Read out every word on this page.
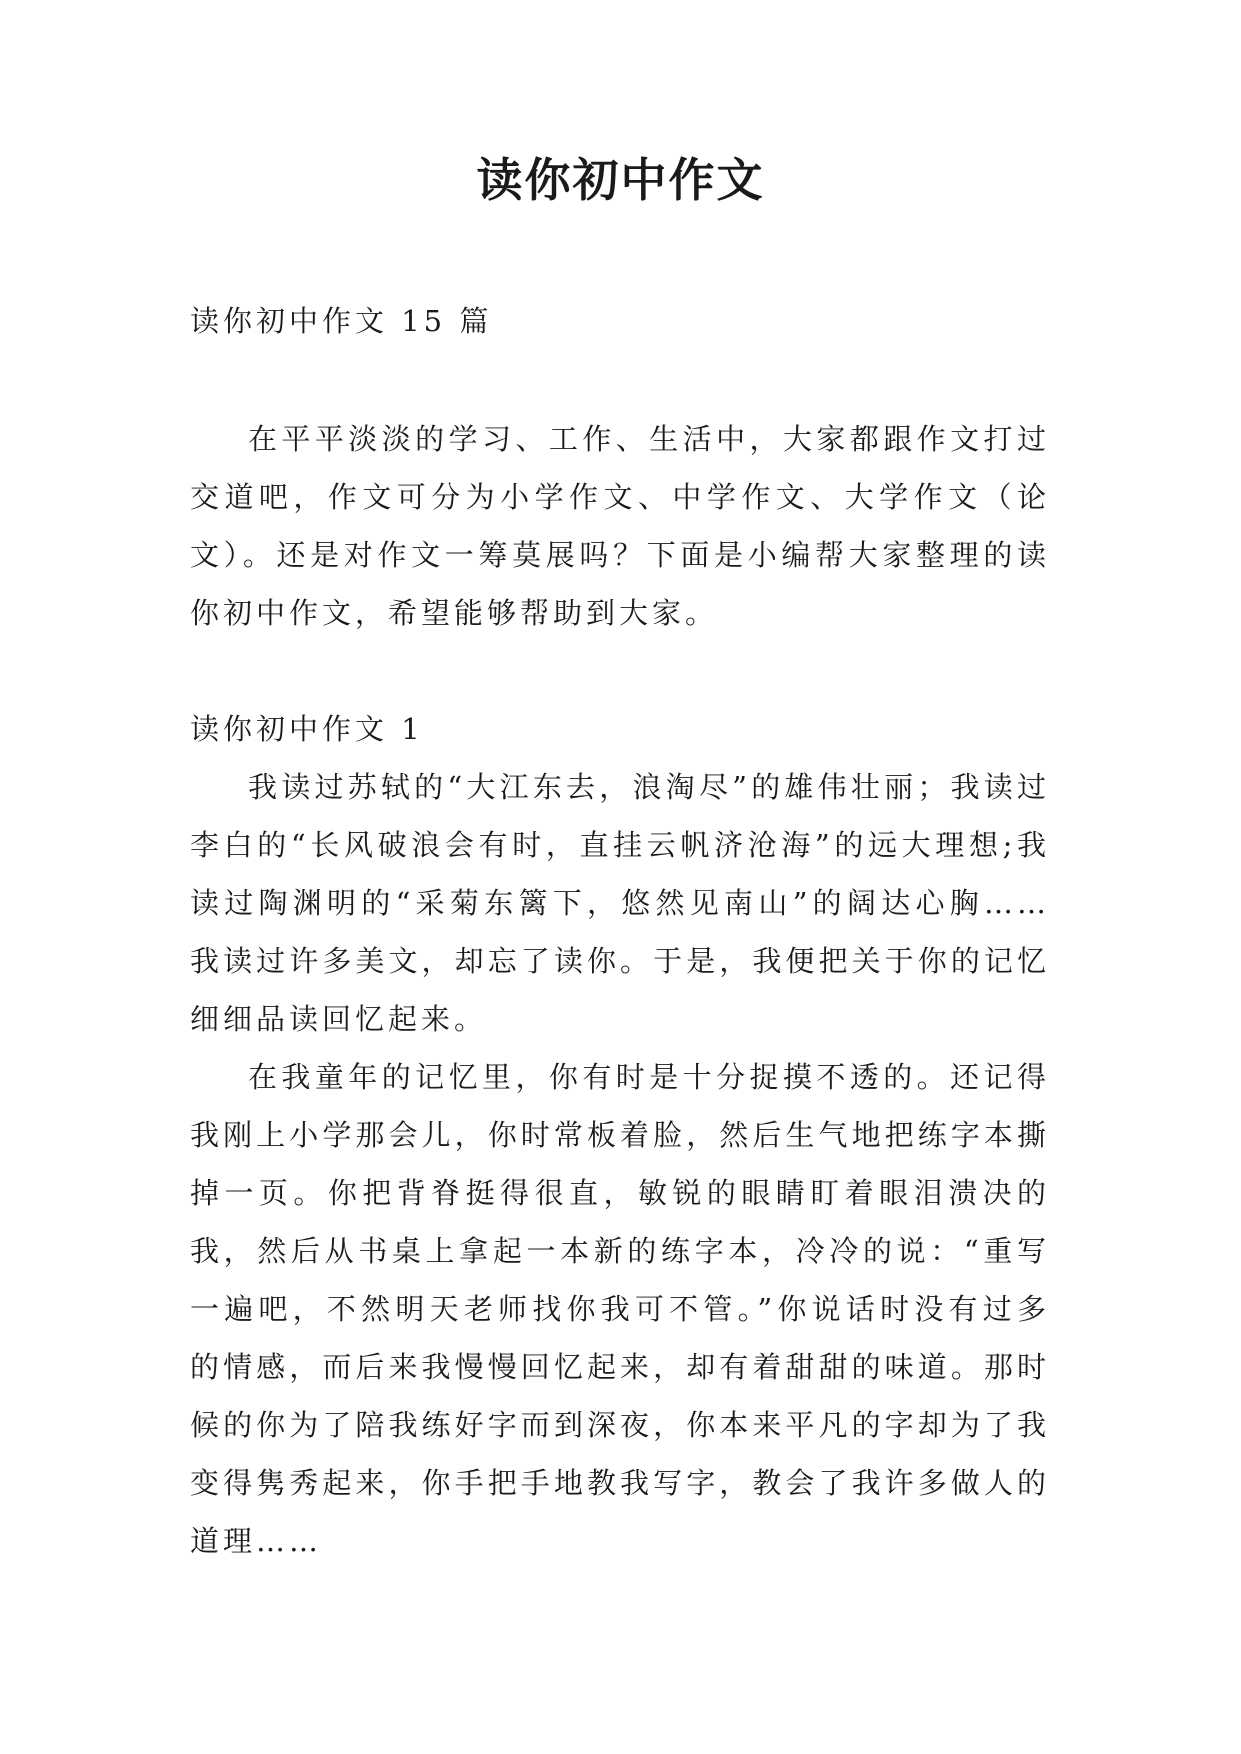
读你初中作文

读你初中作文 15 篇

在平平淡淡的学习、工作、生活中，大家都跟作文打过交道吧，作文可分为小学作文、中学作文、大学作文（论文）。还是对作文一筹莫展吗？下面是小编帮大家整理的读你初中作文，希望能够帮助到大家。

读你初中作文 1

我读过苏轼的“大江东去，浪淘尽”的雄伟壮丽；我读过李白的“长风破浪会有时，直挂云帆济沧海”的远大理想;我读过陶渊明的“采菊东篱下，悠然见南山”的阔达心胸……我读过许多美文，却忘了读你。于是，我便把关于你的记忆细细品读回忆起来。

在我童年的记忆里，你有时是十分捉摸不透的。还记得我刚上小学那会儿，你时常板着脸，然后生气地把练字本撕掉一页。你把背脊挺得很直，敏锐的眼睛盯着眼泪溃决的我，然后从书桌上拿起一本新的练字本，冷冷的说：“重写一遍吧，不然明天老师找你我可不管。”你说话时没有过多的情感，而后来我慢慢回忆起来，却有着甜甜的味道。那时候的你为了陪我练好字而到深夜，你本来平凡的字却为了我变得隽秀起来，你手把手地教我写字，教会了我许多做人的道理……
